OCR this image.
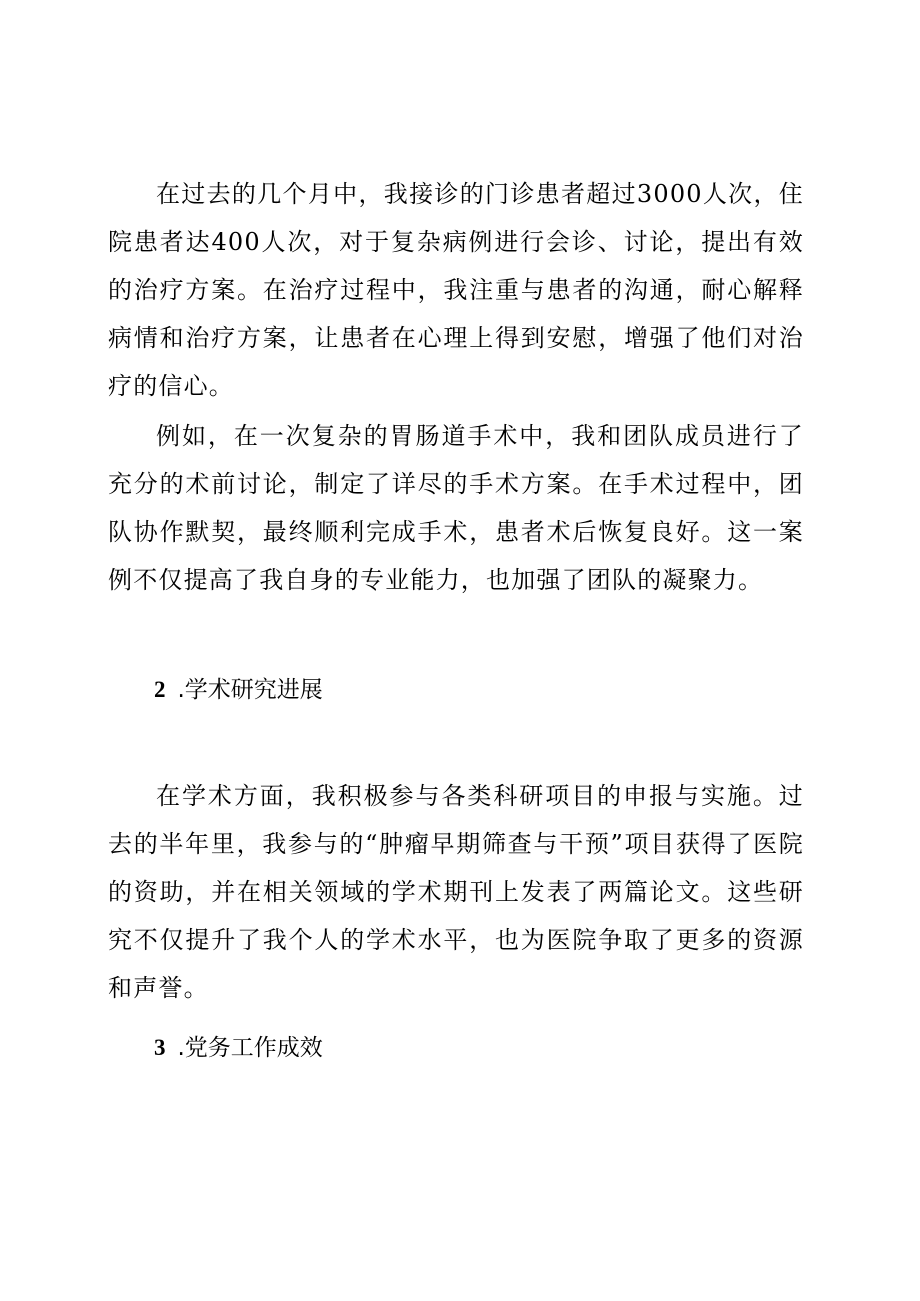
在过去的几个月中，我接诊的门诊患者超过3000人次，住院患者达400人次，对于复杂病例进行会诊、讨论，提出有效的治疗方案。在治疗过程中，我注重与患者的沟通，耐心解释病情和治疗方案，让患者在心理上得到安慰，增强了他们对治疗的信心。

例如，在一次复杂的胃肠道手术中，我和团队成员进行了充分的术前讨论，制定了详尽的手术方案。在手术过程中，团队协作默契，最终顺利完成手术，患者术后恢复良好。这一案例不仅提高了我自身的专业能力，也加强了团队的凝聚力。

2 .学术研究进展

在学术方面，我积极参与各类科研项目的申报与实施。过去的半年里，我参与的“肿瘤早期筛查与干预”项目获得了医院的资助，并在相关领域的学术期刊上发表了两篇论文。这些研究不仅提升了我个人的学术水平，也为医院争取了更多的资源和声誉。

3 .党务工作成效
